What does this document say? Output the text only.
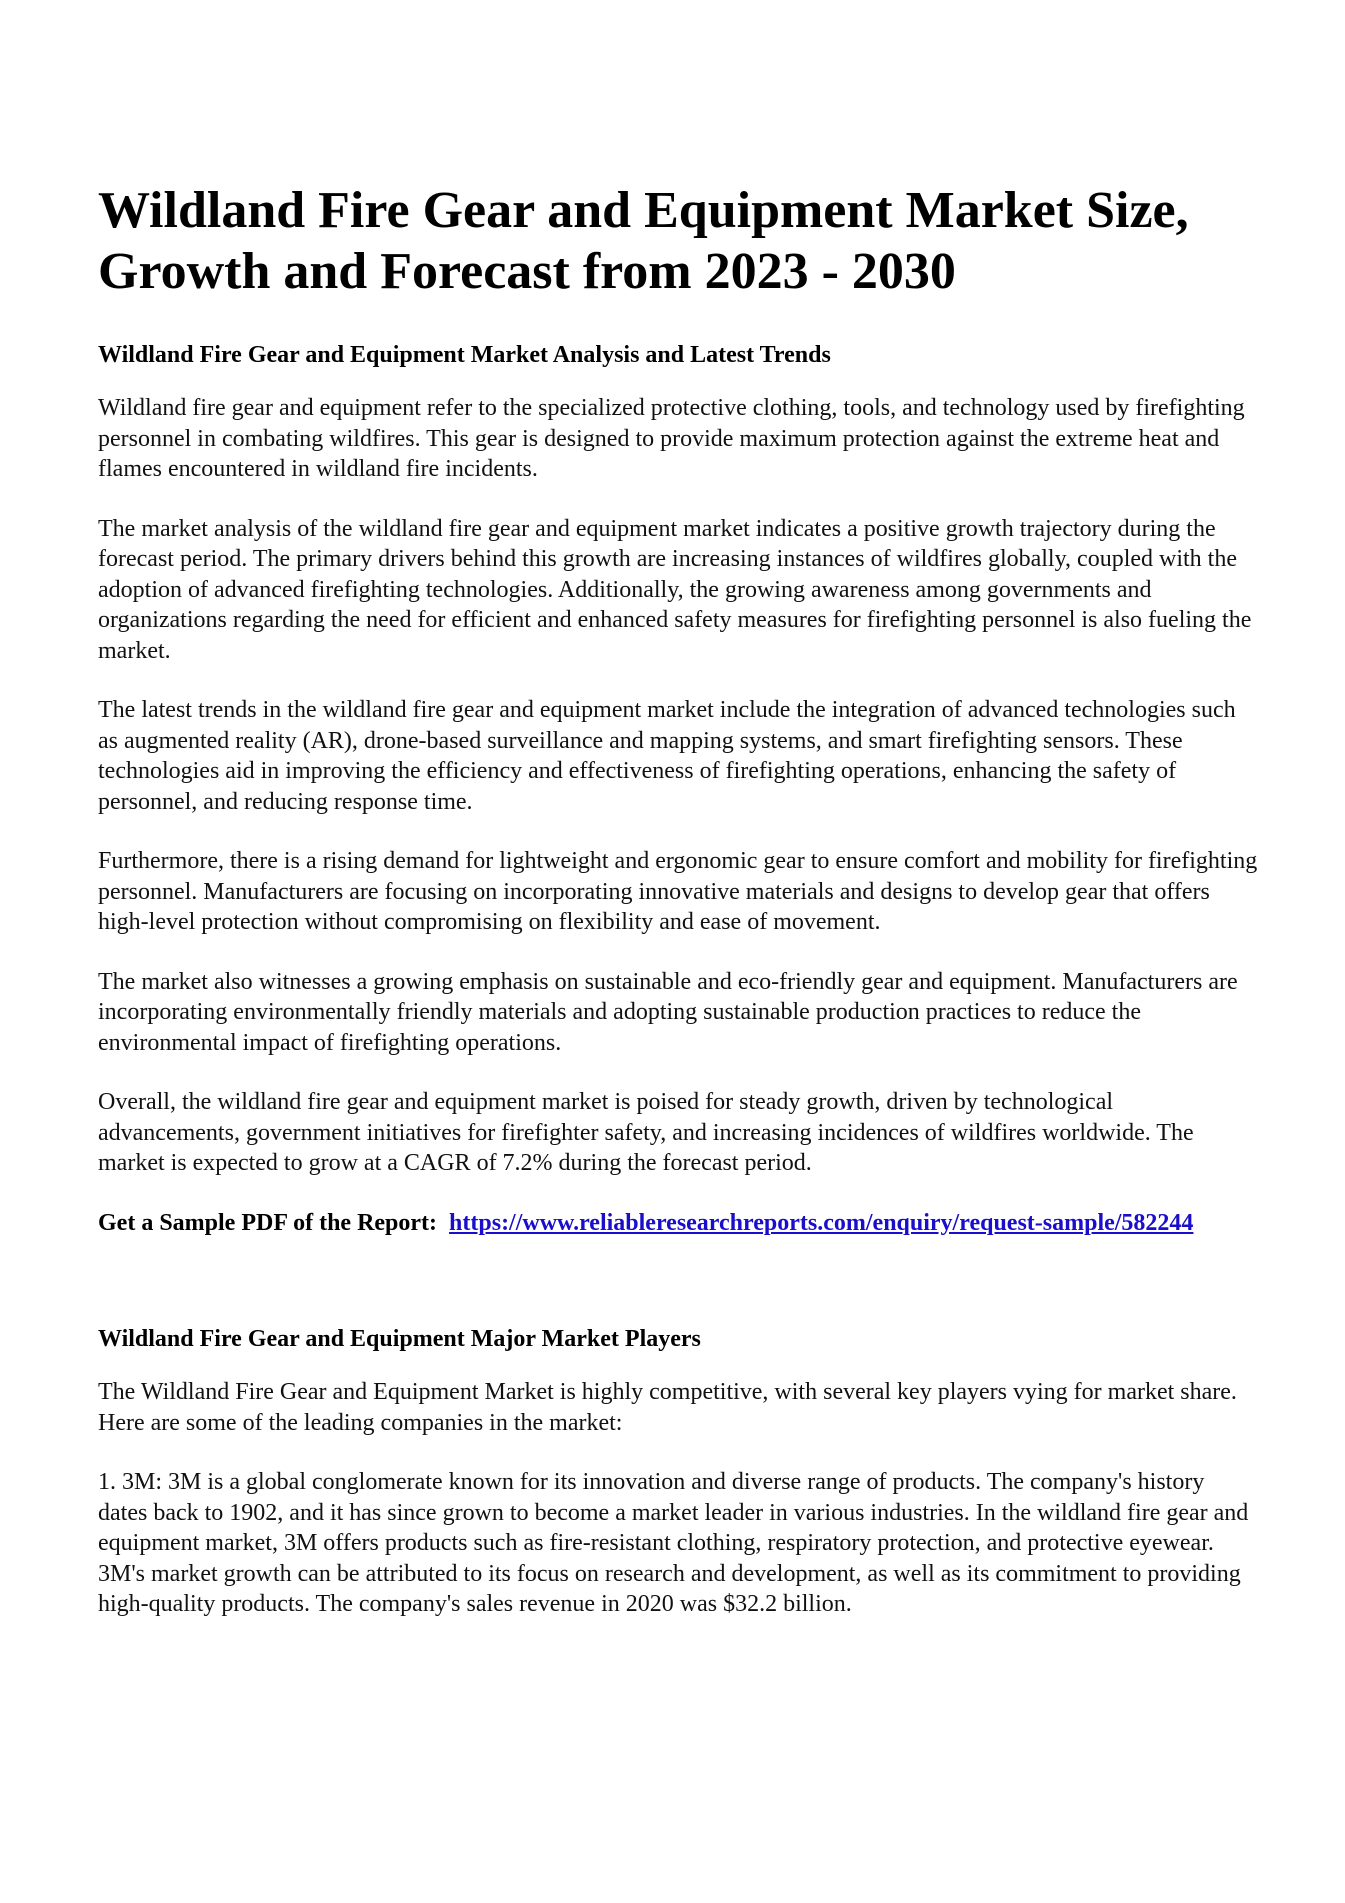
Wildland Fire Gear and Equipment Market Size, Growth and Forecast from 2023 - 2030
Wildland Fire Gear and Equipment Market Analysis and Latest Trends

Wildland fire gear and equipment refer to the specialized protective clothing, tools, and technology used by firefighting personnel in combating wildfires. This gear is designed to provide maximum protection against the extreme heat and flames encountered in wildland fire incidents.

The market analysis of the wildland fire gear and equipment market indicates a positive growth trajectory during the forecast period. The primary drivers behind this growth are increasing instances of wildfires globally, coupled with the adoption of advanced firefighting technologies. Additionally, the growing awareness among governments and organizations regarding the need for efficient and enhanced safety measures for firefighting personnel is also fueling the market.

The latest trends in the wildland fire gear and equipment market include the integration of advanced technologies such as augmented reality (AR), drone-based surveillance and mapping systems, and smart firefighting sensors. These technologies aid in improving the efficiency and effectiveness of firefighting operations, enhancing the safety of personnel, and reducing response time.

Furthermore, there is a rising demand for lightweight and ergonomic gear to ensure comfort and mobility for firefighting personnel. Manufacturers are focusing on incorporating innovative materials and designs to develop gear that offers high-level protection without compromising on flexibility and ease of movement.

The market also witnesses a growing emphasis on sustainable and eco-friendly gear and equipment. Manufacturers are incorporating environmentally friendly materials and adopting sustainable production practices to reduce the environmental impact of firefighting operations.

Overall, the wildland fire gear and equipment market is poised for steady growth, driven by technological advancements, government initiatives for firefighter safety, and increasing incidences of wildfires worldwide. The market is expected to grow at a CAGR of 7.2% during the forecast period.

Get a Sample PDF of the Report: https://www.reliableresearchreports.com/enquiry/request-sample/582244

Wildland Fire Gear and Equipment Major Market Players

The Wildland Fire Gear and Equipment Market is highly competitive, with several key players vying for market share. Here are some of the leading companies in the market:

1. 3M: 3M is a global conglomerate known for its innovation and diverse range of products. The company's history dates back to 1902, and it has since grown to become a market leader in various industries. In the wildland fire gear and equipment market, 3M offers products such as fire-resistant clothing, respiratory protection, and protective eyewear. 3M's market growth can be attributed to its focus on research and development, as well as its commitment to providing high-quality products. The company's sales revenue in 2020 was $32.2 billion.
